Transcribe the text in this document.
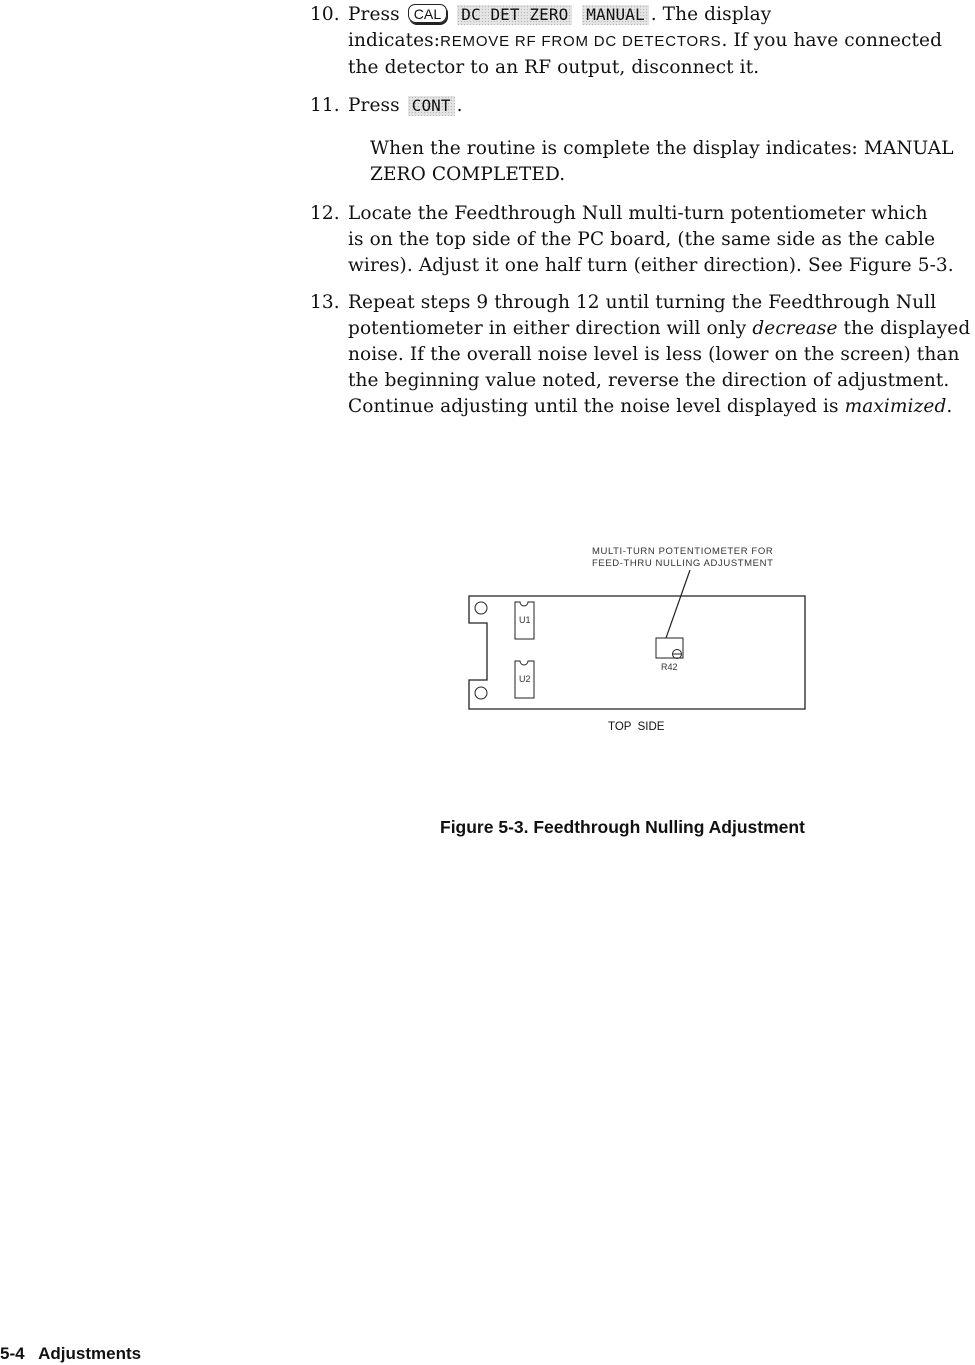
10. Press CAL DC DET ZERO MANUAL . The display
indicates:REMOVE RF FROM DC DETECTORS. If you have connected
the detector to an RF output, disconnect it.
11. Press CONT .
When the routine is complete the display indicates: MANUAL
ZERO COMPLETED.
12. Locate the Feedthrough Null multi-turn potentiometer which
is on the top side of the PC board, (the same side as the cable
wires). Adjust it one half turn (either direction). See Figure 5-3.
13. Repeat steps 9 through 12 until turning the Feedthrough Null
potentiometer in either direction will only decrease the displayed
noise. If the overall noise level is less (lower on the screen) than
the beginning value noted, reverse the direction of adjustment.
Continue adjusting until the noise level displayed is maximized.
MULTI-TURN POTENTIOMETER FOR
FEED-THRU NULLING ADJUSTMENT
U1
U2
R42
TOP  SIDE
Figure 5-3. Feedthrough Nulling Adjustment
5-4 Adjustments
